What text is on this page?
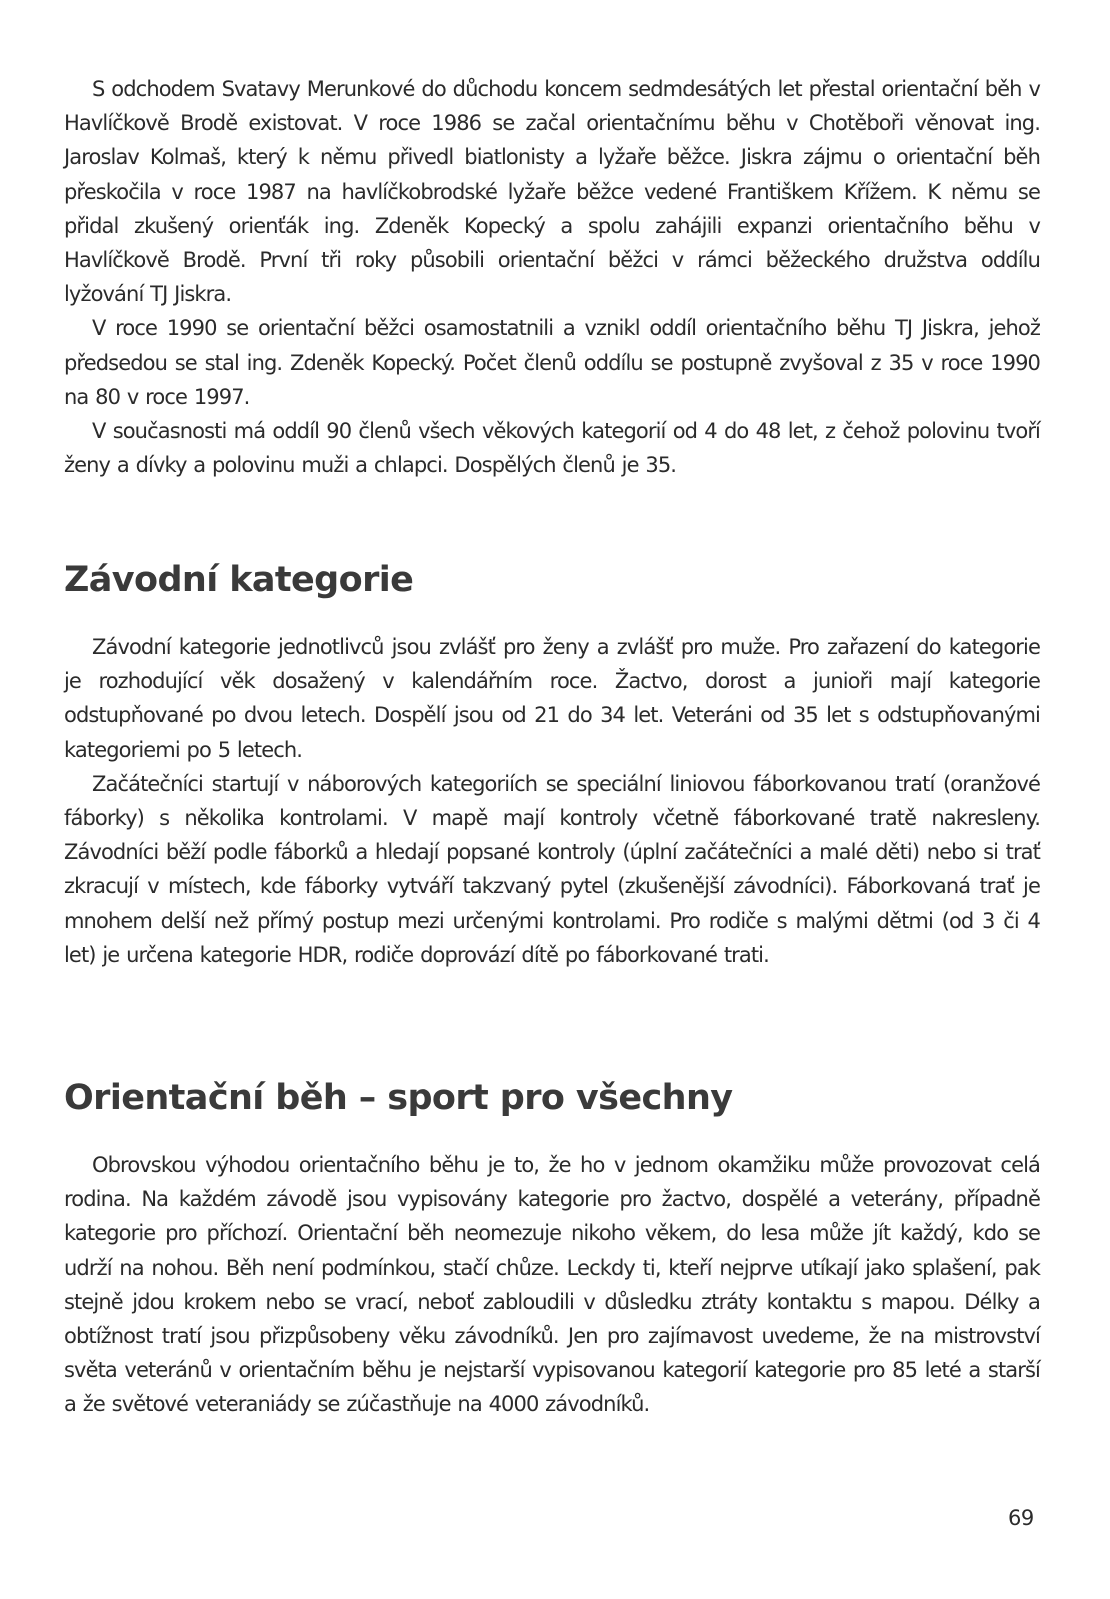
S odchodem Svatavy Merunkové do důchodu koncem sedmdesátých let přestal orientační běh v Havlíčkově Brodě existovat. V roce 1986 se začal orientačnímu běhu v Chotěboři věnovat ing. Jaroslav Kolmaš, který k němu přivedl biatlonisty a lyžaře běžce. Jiskra zájmu o orientační běh přeskočila v roce 1987 na havlíčkobrodské lyžaře běžce vedené Františkem Křížem. K němu se přidal zkušený orienťák ing. Zdeněk Kopecký a spolu zahájili expanzi orientačního běhu v Havlíčkově Brodě. První tři roky působili orientační běžci v rámci běžeckého družstva oddílu lyžování TJ Jiskra.

V roce 1990 se orientační běžci osamostatnili a vznikl oddíl orientačního běhu TJ Jiskra, jehož předsedou se stal ing. Zdeněk Kopecký. Počet členů oddílu se postupně zvyšoval z 35 v roce 1990 na 80 v roce 1997.

V současnosti má oddíl 90 členů všech věkových kategorií od 4 do 48 let, z čehož polovinu tvoří ženy a dívky a polovinu muži a chlapci. Dospělých členů je 35.

Závodní kategorie

Závodní kategorie jednotlivců jsou zvlášť pro ženy a zvlášť pro muže. Pro zařazení do kategorie je rozhodující věk dosažený v kalendářním roce. Žactvo, dorost a junioři mají kategorie odstupňované po dvou letech. Dospělí jsou od 21 do 34 let. Veteráni od 35 let s odstupňovanými kategoriemi po 5 letech.

Začátečníci startují v náborových kategoriích se speciální liniovou fáborkovanou tratí (oranžové fáborky) s několika kontrolami. V mapě mají kontroly včetně fáborkované tratě nakresleny. Závodníci běží podle fáborků a hledají popsané kontroly (úplní začátečníci a malé děti) nebo si trať zkracují v místech, kde fáborky vytváří takzvaný pytel (zkušenější závodníci). Fáborkovaná trať je mnohem delší než přímý postup mezi určenými kontrolami. Pro rodiče s malými dětmi (od 3 či 4 let) je určena kategorie HDR, rodiče doprovází dítě po fáborkované trati.

Orientační běh – sport pro všechny

Obrovskou výhodou orientačního běhu je to, že ho v jednom okamžiku může provozovat celá rodina. Na každém závodě jsou vypisovány kategorie pro žactvo, dospělé a veterány, případně kategorie pro příchozí. Orientační běh neomezuje nikoho věkem, do lesa může jít každý, kdo se udrží na nohou. Běh není podmínkou, stačí chůze. Leckdy ti, kteří nejprve utíkají jako splašení, pak stejně jdou krokem nebo se vrací, neboť zabloudili v důsledku ztráty kontaktu s mapou. Délky a obtížnost tratí jsou přizpůsobeny věku závodníků. Jen pro zajímavost uvedeme, že na mistrovství světa veteránů v orientačním běhu je nejstarší vypisovanou kategorií kategorie pro 85 leté a starší a že světové veteraniády se zúčastňuje na 4000 závodníků.

69
